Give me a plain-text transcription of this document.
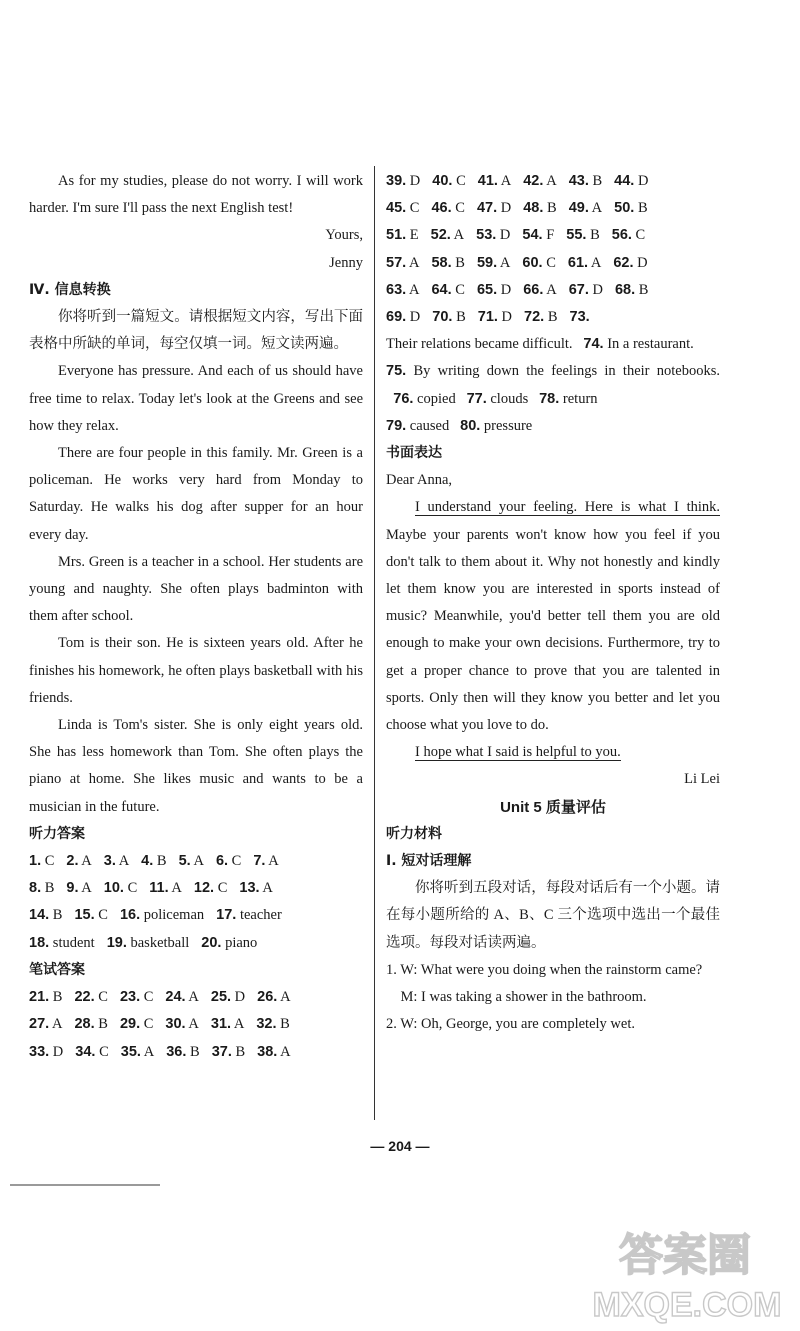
As for my studies, please do not worry. I will work harder. I'm sure I'll pass the next English test!

Yours,

Jenny

Ⅳ. 信息转换

你将听到一篇短文。请根据短文内容，写出下面表格中所缺的单词，每空仅填一词。短文读两遍。

Everyone has pressure. And each of us should have free time to relax. Today let's look at the Greens and see how they relax.

There are four people in this family. Mr. Green is a policeman. He works very hard from Monday to Saturday. He walks his dog after supper for an hour every day.

Mrs. Green is a teacher in a school. Her students are young and naughty. She often plays badminton with them after school.

Tom is their son. He is sixteen years old. After he finishes his homework, he often plays basketball with his friends.

Linda is Tom's sister. She is only eight years old. She has less homework than Tom. She often plays the piano at home. She likes music and wants to be a musician in the future.

听力答案

1. C 2. A 3. A 4. B 5. A 6. C 7. A
8. B 9. A 10. C 11. A 12. C 13. A
14. B 15. C 16. policeman 17. teacher
18. student 19. basketball 20. piano

笔试答案

21. B 22. C 23. C 24. A 25. D 26. A
27. A 28. B 29. C 30. A 31. A 32. B
33. D 34. C 35. A 36. B 37. B 38. A
39. D 40. C 41. A 42. A 43. B 44. D
45. C 46. C 47. D 48. B 49. A 50. B
51. E 52. A 53. D 54. F 55. B 56. C
57. A 58. B 59. A 60. C 61. A 62. D
63. A 64. C 65. D 66. A 67. D 68. B
69. D 70. B 71. D 72. B 73.

Their relations became difficult. 74. In a restaurant.

75. By writing down the feelings in their notebooks.   76. copied 77. clouds 78. return

79. caused 80. pressure

书面表达

Dear Anna,

I understand your feeling. Here is what I think. Maybe your parents won't know how you feel if you don't talk to them about it. Why not honestly and kindly let them know you are interested in sports instead of music? Meanwhile, you'd better tell them you are old enough to make your own decisions. Furthermore, try to get a proper chance to prove that you are talented in sports. Only then will they know you better and let you choose what you love to do.

I hope what I said is helpful to you.

Li Lei

Unit 5 质量评估

听力材料

Ⅰ. 短对话理解

你将听到五段对话，每段对话后有一个小题。请在每小题所给的 A、B、C 三个选项中选出一个最佳选项。每段对话读两遍。

1. W: What were you doing when the rainstorm came?

M: I was taking a shower in the bathroom.

2. W: Oh, George, you are completely wet.

— 204 —
答案圈
MXQE.COM
